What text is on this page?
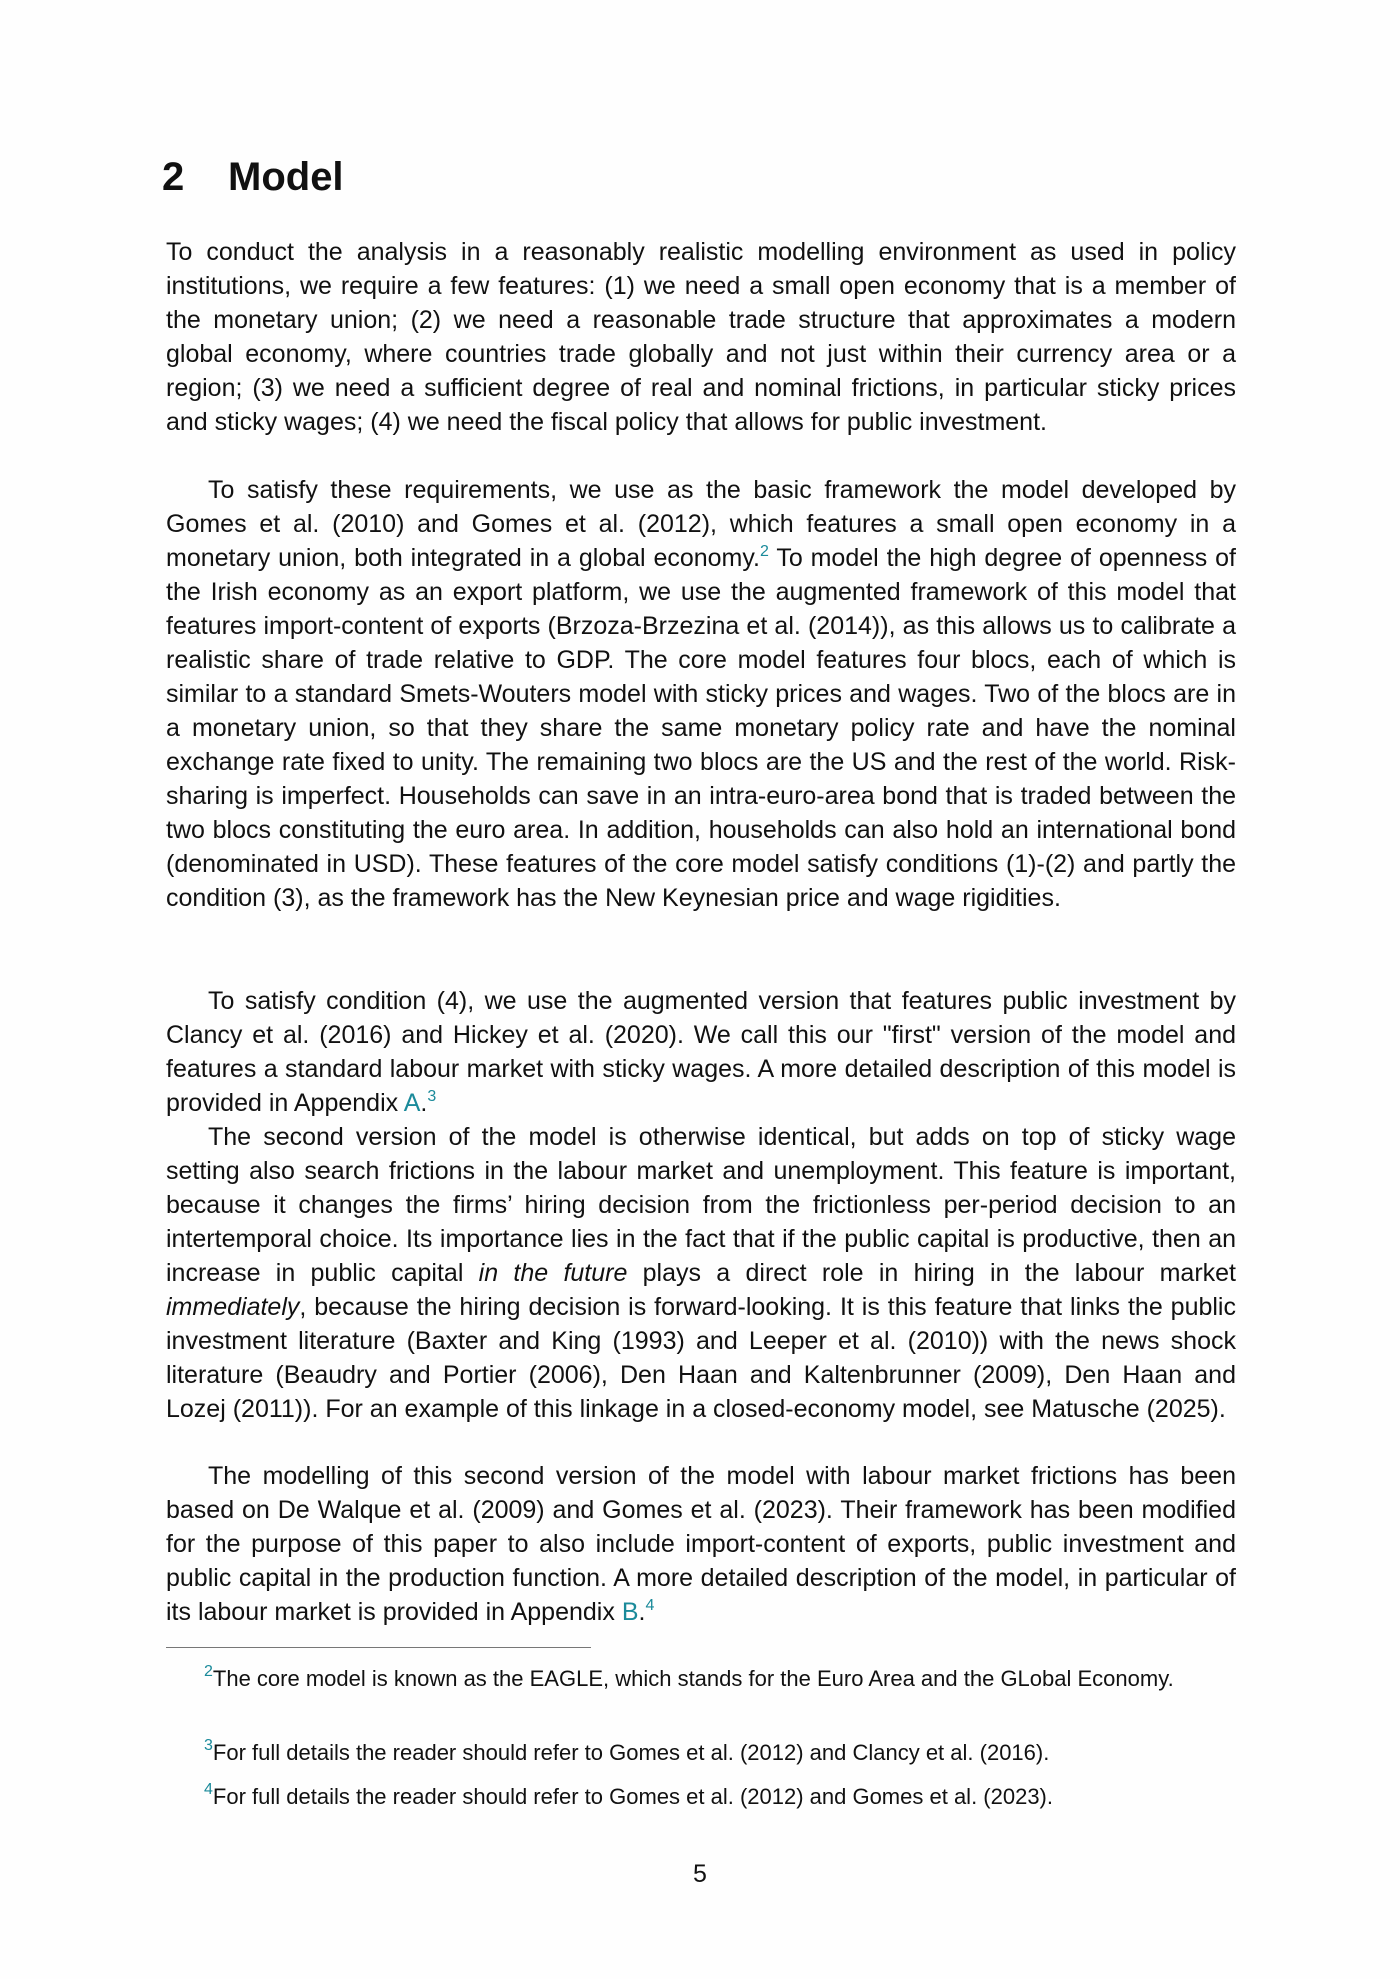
2 Model

To conduct the analysis in a reasonably realistic modelling environment as used in policy institutions, we require a few features: (1) we need a small open economy that is a member of the monetary union; (2) we need a reasonable trade structure that approximates a modern global economy, where countries trade globally and not just within their currency area or a region; (3) we need a sufficient degree of real and nominal frictions, in particular sticky prices and sticky wages; (4) we need the fiscal policy that allows for public investment.

To satisfy these requirements, we use as the basic framework the model developed by Gomes et al. (2010) and Gomes et al. (2012), which features a small open economy in a monetary union, both integrated in a global economy.$^2$ To model the high degree of openness of the Irish economy as an export platform, we use the augmented framework of this model that features import-content of exports (Brzoza-Brzezina et al. (2014)), as this allows us to calibrate a realistic share of trade relative to GDP. The core model features four blocs, each of which is similar to a standard Smets-Wouters model with sticky prices and wages. Two of the blocs are in a monetary union, so that they share the same monetary policy rate and have the nominal exchange rate fixed to unity. The remaining two blocs are the US and the rest of the world. Risk-sharing is imperfect. Households can save in an intra-euro-area bond that is traded between the two blocs constituting the euro area. In addition, households can also hold an international bond (denominated in USD). These features of the core model satisfy conditions (1)-(2) and partly the condition (3), as the framework has the New Keynesian price and wage rigidities.

To satisfy condition (4), we use the augmented version that features public investment by Clancy et al. (2016) and Hickey et al. (2020). We call this our "first" version of the model and features a standard labour market with sticky wages. A more detailed description of this model is provided in Appendix A.$^3$

The second version of the model is otherwise identical, but adds on top of sticky wage setting also search frictions in the labour market and unemployment. This feature is important, because it changes the firms’ hiring decision from the frictionless per-period decision to an intertemporal choice. Its importance lies in the fact that if the public capital is productive, then an increase in public capital in the future plays a direct role in hiring in the labour market immediately, because the hiring decision is forward-looking. It is this feature that links the public investment literature (Baxter and King (1993) and Leeper et al. (2010)) with the news shock literature (Beaudry and Portier (2006), Den Haan and Kaltenbrunner (2009), Den Haan and Lozej (2011)). For an example of this linkage in a closed-economy model, see Matusche (2025).

The modelling of this second version of the model with labour market frictions has been based on De Walque et al. (2009) and Gomes et al. (2023). Their framework has been modified for the purpose of this paper to also include import-content of exports, public investment and public capital in the production function. A more detailed description of the model, in particular of its labour market is provided in Appendix B.$^4$

$^2$The core model is known as the EAGLE, which stands for the Euro Area and the GLobal Economy.

$^3$For full details the reader should refer to Gomes et al. (2012) and Clancy et al. (2016).

$^4$For full details the reader should refer to Gomes et al. (2012) and Gomes et al. (2023).

5
